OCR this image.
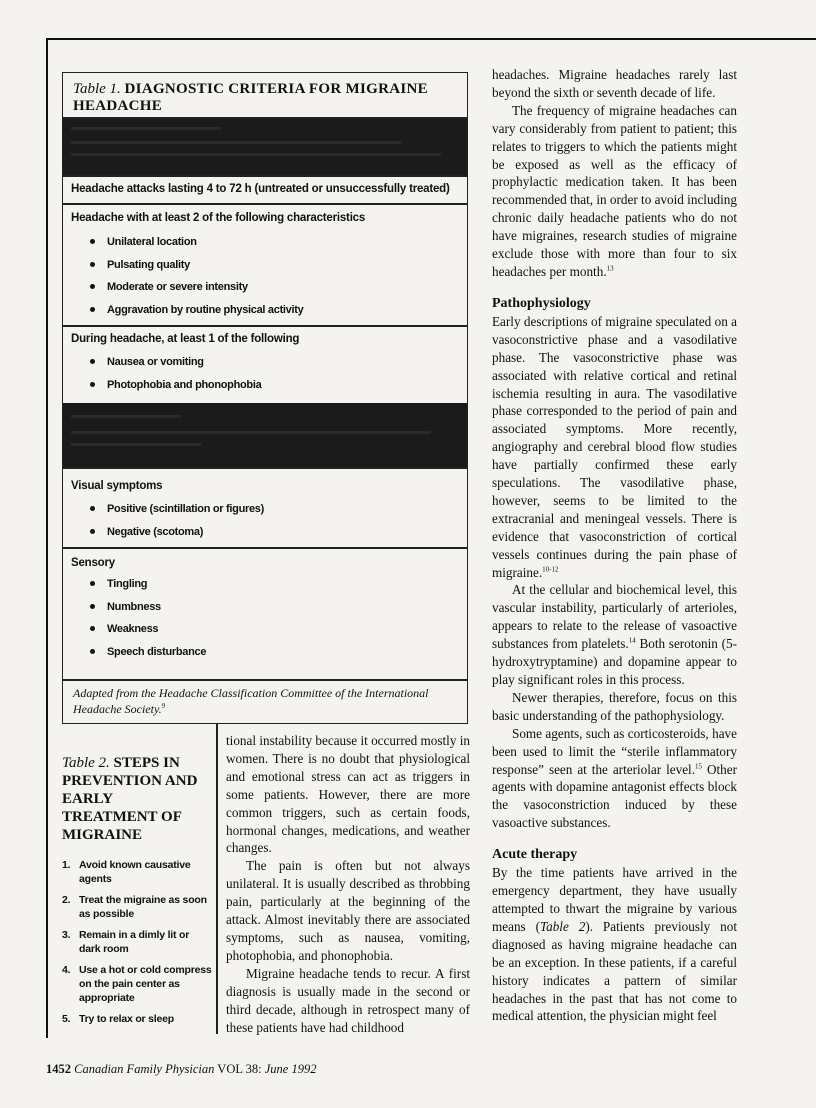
Table 1. DIAGNOSTIC CRITERIA FOR MIGRAINE HEADACHE
Headache attacks lasting 4 to 72 h (untreated or unsuccessfully treated)
Headache with at least 2 of the following characteristics
Unilateral location
Pulsating quality
Moderate or severe intensity
Aggravation by routine physical activity
During headache, at least 1 of the following
Nausea or vomiting
Photophobia and phonophobia
Visual symptoms
Positive (scintillation or figures)
Negative (scotoma)
Sensory
Tingling
Numbness
Weakness
Speech disturbance
Adapted from the Headache Classification Committee of the International Headache Society.$^9$
Table 2. STEPS IN PREVENTION AND EARLY TREATMENT OF MIGRAINE
1. Avoid known causative agents
2. Treat the migraine as soon as possible
3. Remain in a dimly lit or dark room
4. Use a hot or cold compress on the pain center as appropriate
5. Try to relax or sleep

tional instability because it occurred mostly in women. There is no doubt that physiological and emotional stress can act as triggers in some patients. However, there are more common triggers, such as certain foods, hormonal changes, medications, and weather changes.

The pain is often but not always unilateral. It is usually described as throbbing pain, particularly at the beginning of the attack. Almost inevitably there are associated symptoms, such as nausea, vomiting, photophobia, and phonophobia.

Migraine headache tends to recur. A first diagnosis is usually made in the second or third decade, although in retrospect many of these patients have had childhood

headaches. Migraine headaches rarely last beyond the sixth or seventh decade of life.

The frequency of migraine headaches can vary considerably from patient to patient; this relates to triggers to which the patients might be exposed as well as the efficacy of prophylactic medication taken. It has been recommended that, in order to avoid including chronic daily headache patients who do not have migraines, research studies of migraine exclude those with more than four to six headaches per month.$^{13}$

Pathophysiology

Early descriptions of migraine speculated on a vasoconstrictive phase and a vasodilative phase. The vasoconstrictive phase was associated with relative cortical and retinal ischemia resulting in aura. The vasodilative phase corresponded to the period of pain and associated symptoms. More recently, angiography and cerebral blood flow studies have partially confirmed these early speculations. The vasodilative phase, however, seems to be limited to the extracranial and meningeal vessels. There is evidence that vasoconstriction of cortical vessels continues during the pain phase of migraine.$^{10-12}$

At the cellular and biochemical level, this vascular instability, particularly of arterioles, appears to relate to the release of vasoactive substances from platelets.$^{14}$ Both serotonin (5-hydroxytryptamine) and dopamine appear to play significant roles in this process.

Newer therapies, therefore, focus on this basic understanding of the pathophysiology.

Some agents, such as corticosteroids, have been used to limit the “sterile inflammatory response” seen at the arteriolar level.$^{15}$ Other agents with dopamine antagonist effects block the vasoconstriction induced by these vasoactive substances.

Acute therapy

By the time patients have arrived in the emergency department, they have usually attempted to thwart the migraine by various means (Table 2). Patients previously not diagnosed as having migraine headache can be an exception. In these patients, if a careful history indicates a pattern of similar headaches in the past that has not come to medical attention, the physician might feel

1452 Canadian Family Physician VOL 38: June 1992
